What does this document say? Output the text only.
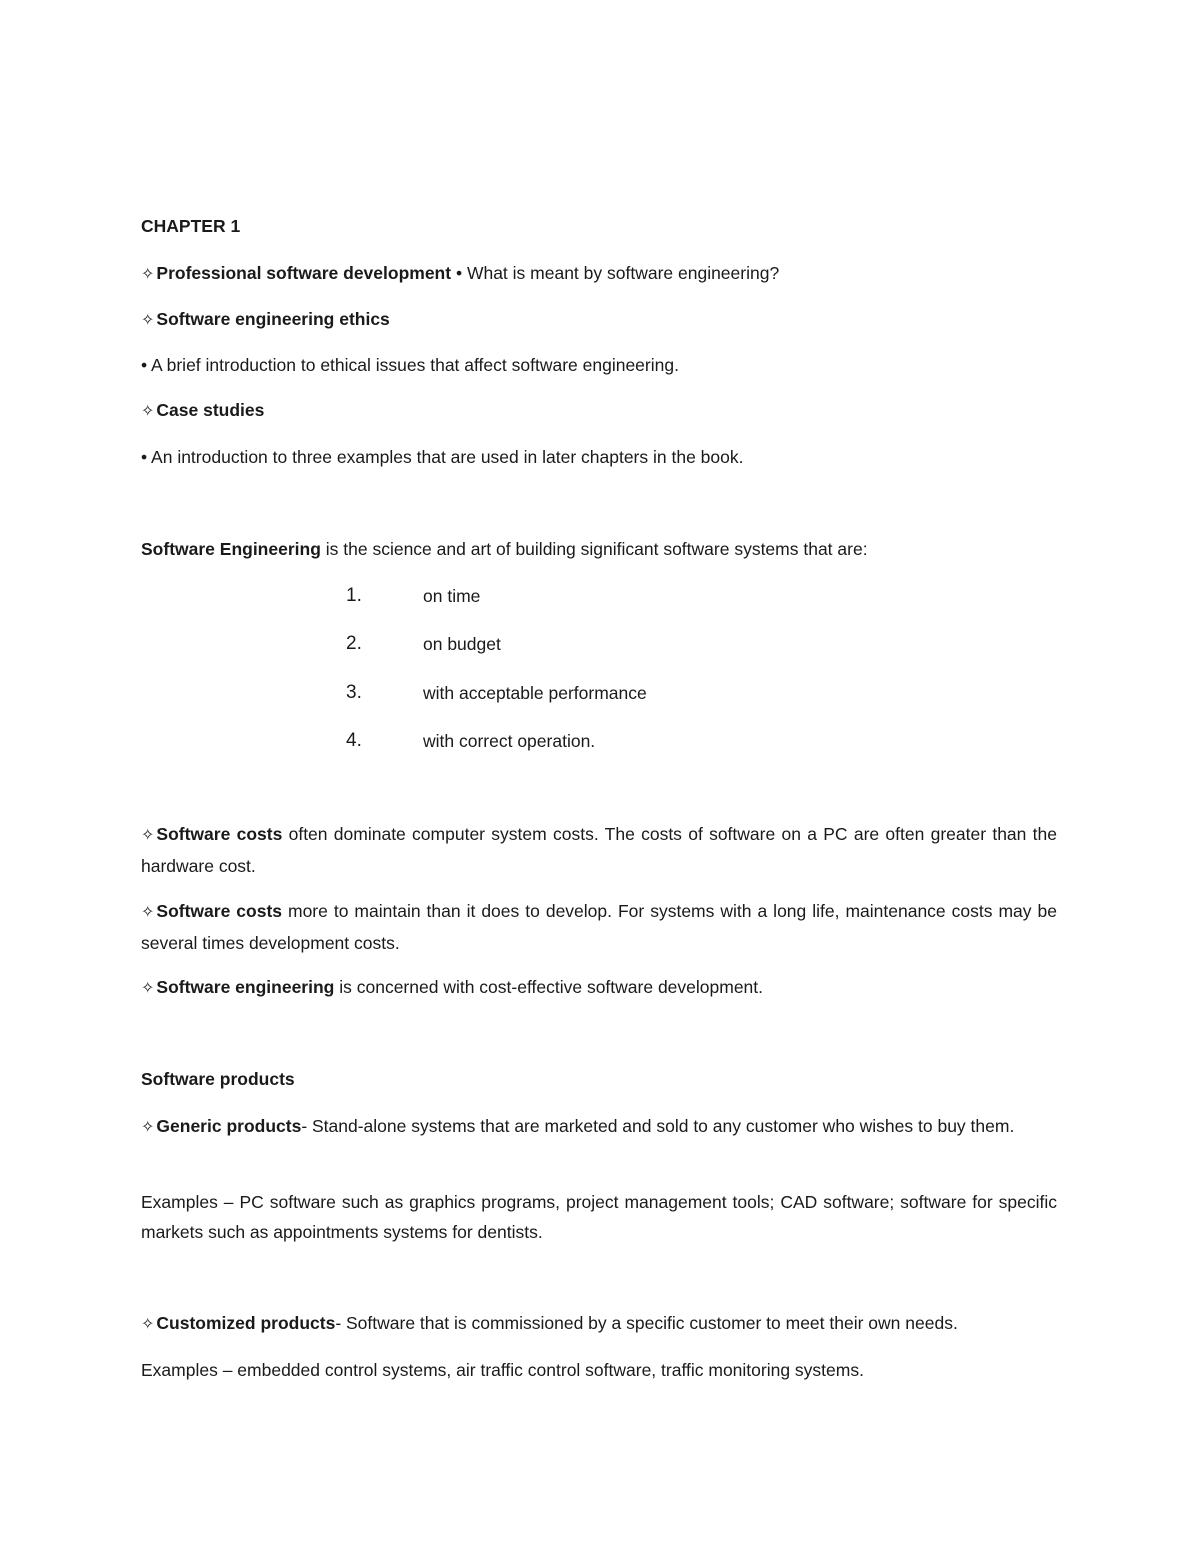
CHAPTER 1
✧ Professional software development • What is meant by software engineering?
✧ Software engineering ethics
• A brief introduction to ethical issues that affect software engineering.
✧ Case studies
• An introduction to three examples that are used in later chapters in the book.
Software Engineering is the science and art of building significant software systems that are:
1.	on time
2.	on budget
3.	with acceptable performance
4.	with correct operation.
✧ Software costs often dominate computer system costs. The costs of software on a PC are often greater than the hardware cost.
✧ Software costs more to maintain than it does to develop. For systems with a long life, maintenance costs may be several times development costs.
✧ Software engineering is concerned with cost-effective software development.
Software products
✧ Generic products- Stand-alone systems that are marketed and sold to any customer who wishes to buy them.
Examples – PC software such as graphics programs, project management tools; CAD software; software for specific markets such as appointments systems for dentists.
✧ Customized products- Software that is commissioned by a specific customer to meet their own needs.
Examples – embedded control systems, air traffic control software, traffic monitoring systems.
